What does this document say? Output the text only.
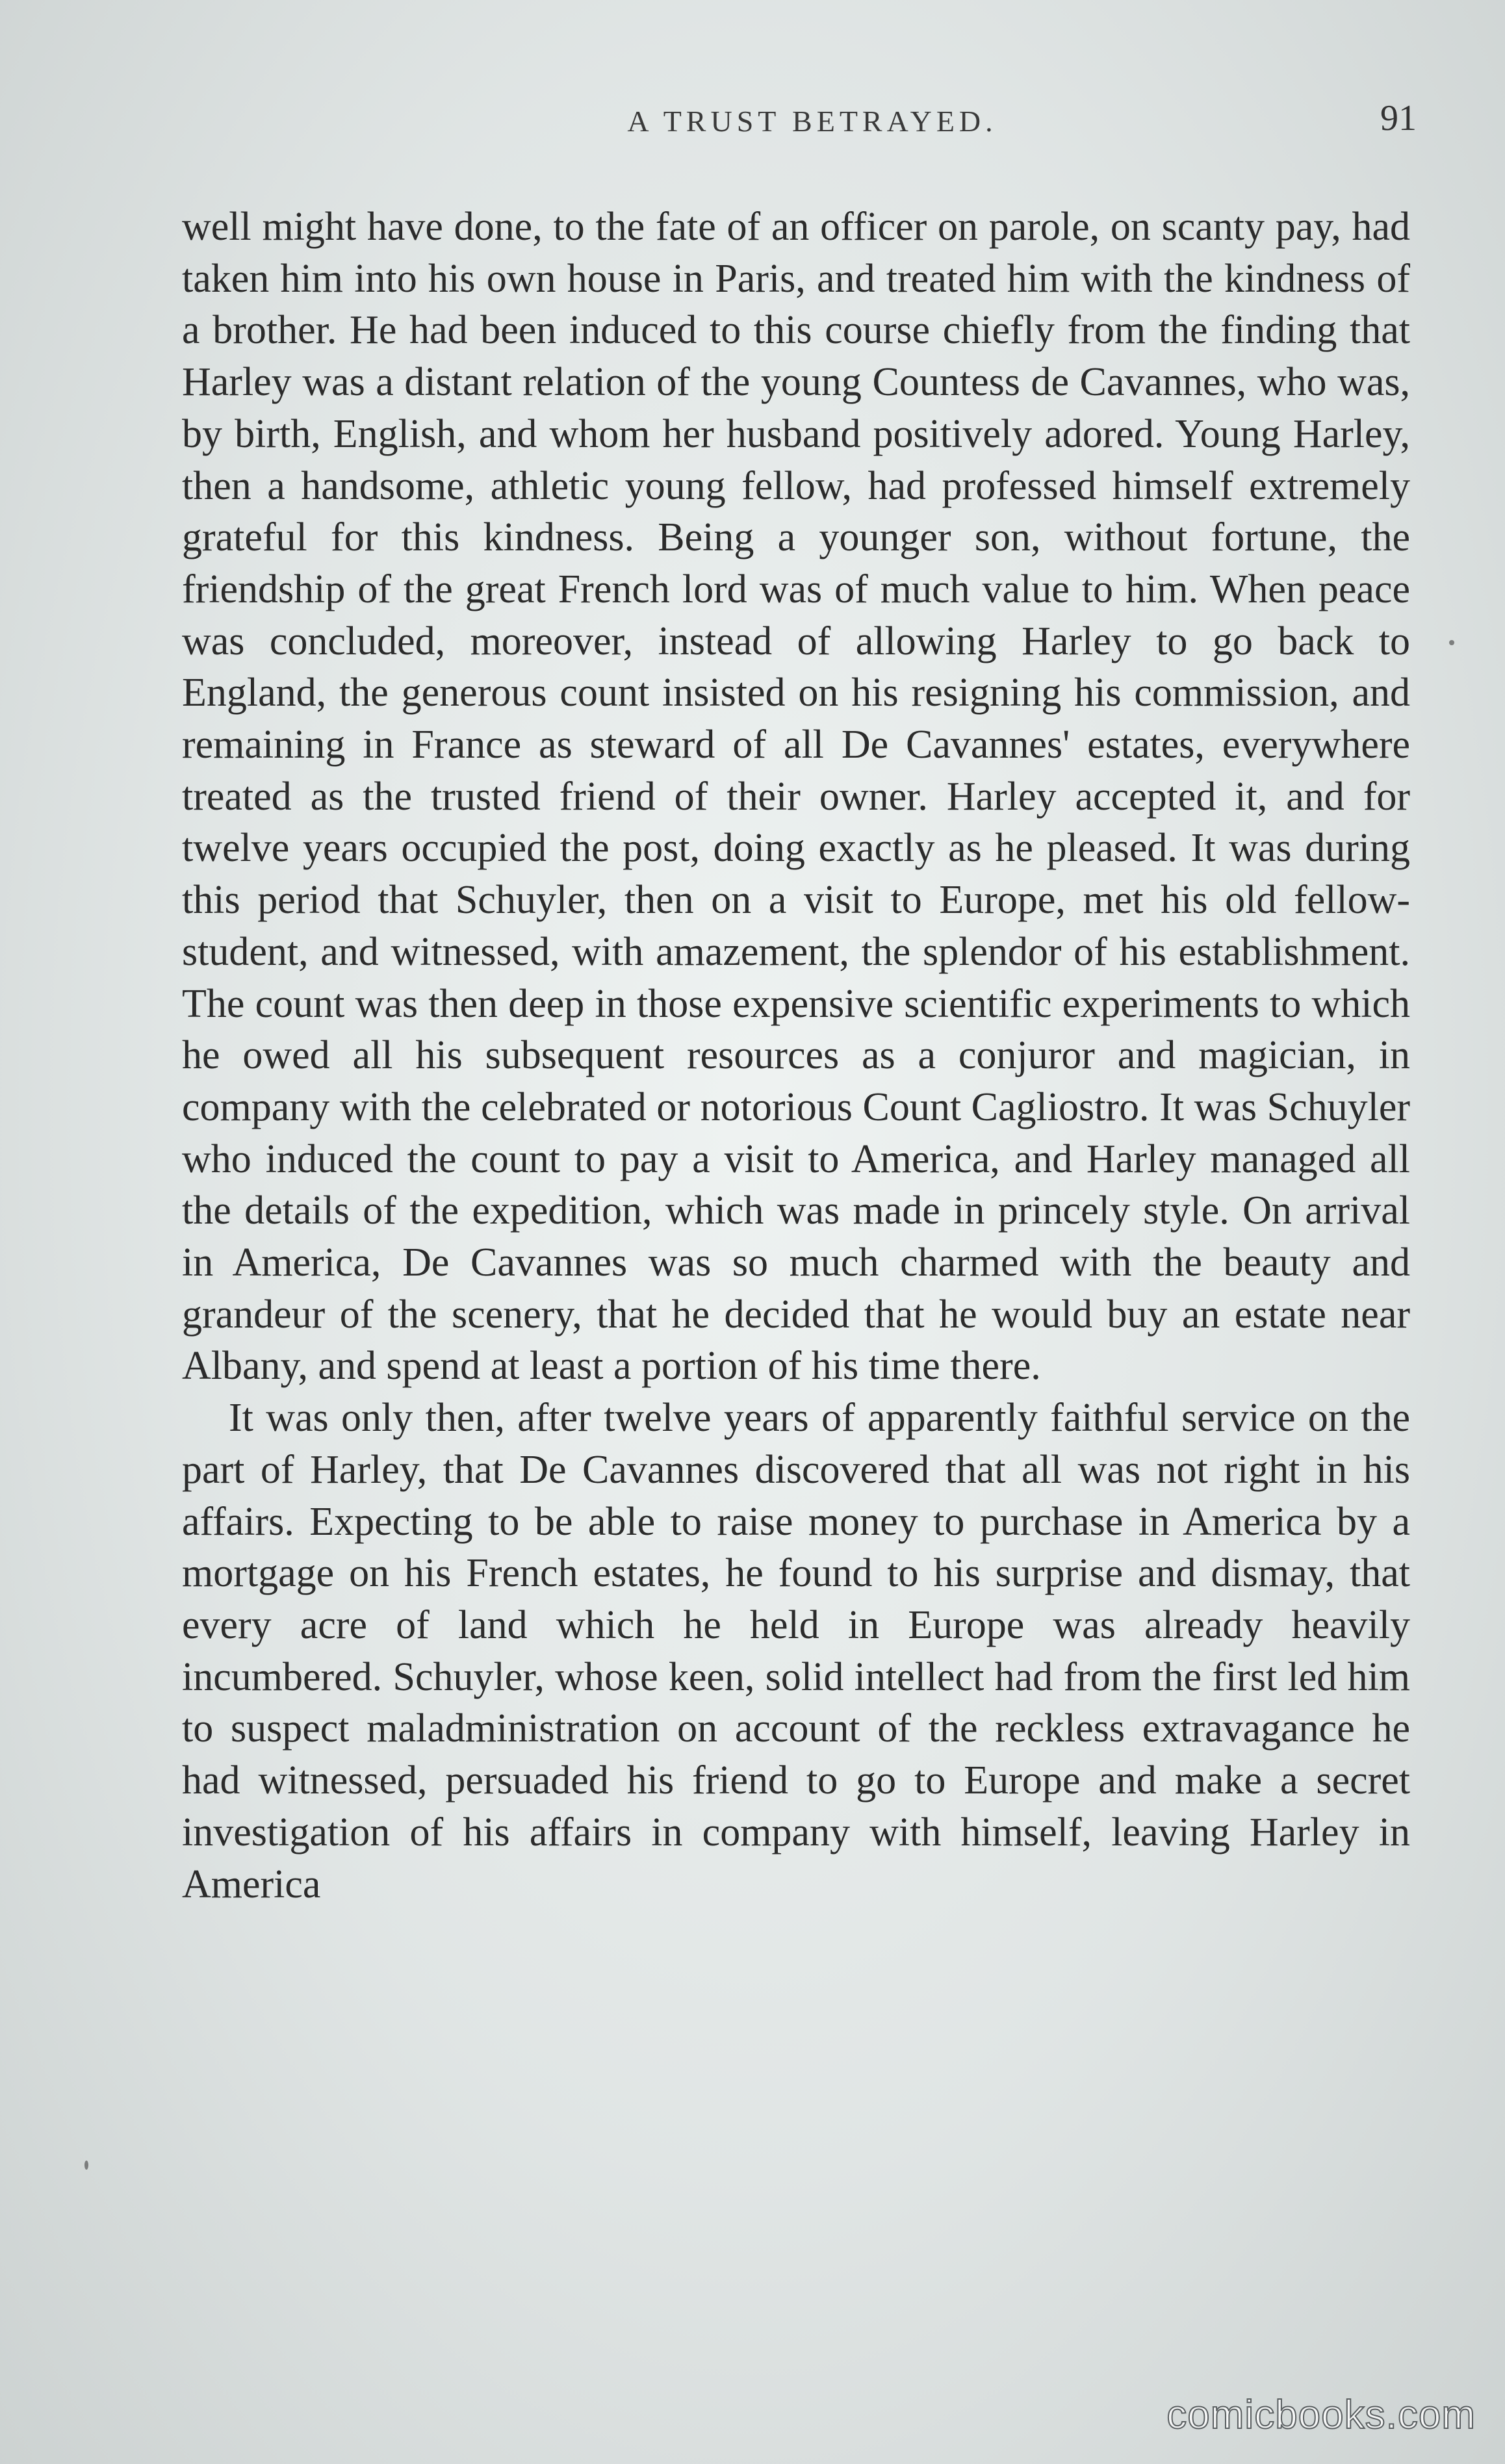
A TRUST BETRAYED.	91

well might have done, to the fate of an officer on parole, on scanty pay, had taken him into his own house in Paris, and treated him with the kindness of a brother. He had been induced to this course chiefly from the finding that Harley was a distant relation of the young Countess de Cavannes, who was, by birth, English, and whom her husband positively adored. Young Harley, then a handsome, athletic young fellow, had professed himself extremely grateful for this kindness. Being a younger son, without fortune, the friendship of the great French lord was of much value to him. When peace was concluded, moreover, instead of allowing Harley to go back to England, the generous count insisted on his resigning his commission, and remaining in France as steward of all De Cavannes' estates, everywhere treated as the trusted friend of their owner. Harley accepted it, and for twelve years occupied the post, doing exactly as he pleased. It was during this period that Schuyler, then on a visit to Europe, met his old fellow-student, and witnessed, with amazement, the splendor of his establishment. The count was then deep in those expensive scientific experiments to which he owed all his subsequent resources as a conjuror and magician, in company with the celebrated or notorious Count Cagliostro. It was Schuyler who induced the count to pay a visit to America, and Harley managed all the details of the expedition, which was made in princely style. On arrival in America, De Cavannes was so much charmed with the beauty and grandeur of the scenery, that he decided that he would buy an estate near Albany, and spend at least a portion of his time there.

It was only then, after twelve years of apparently faithful service on the part of Harley, that De Cavannes discovered that all was not right in his affairs. Expecting to be able to raise money to purchase in America by a mortgage on his French estates, he found to his surprise and dismay, that every acre of land which he held in Europe was already heavily incumbered. Schuyler, whose keen, solid intellect had from the first led him to suspect maladministration on account of the reckless extravagance he had witnessed, persuaded his friend to go to Europe and make a secret investigation of his affairs in company with himself, leaving Harley in America

comicbooks.com
